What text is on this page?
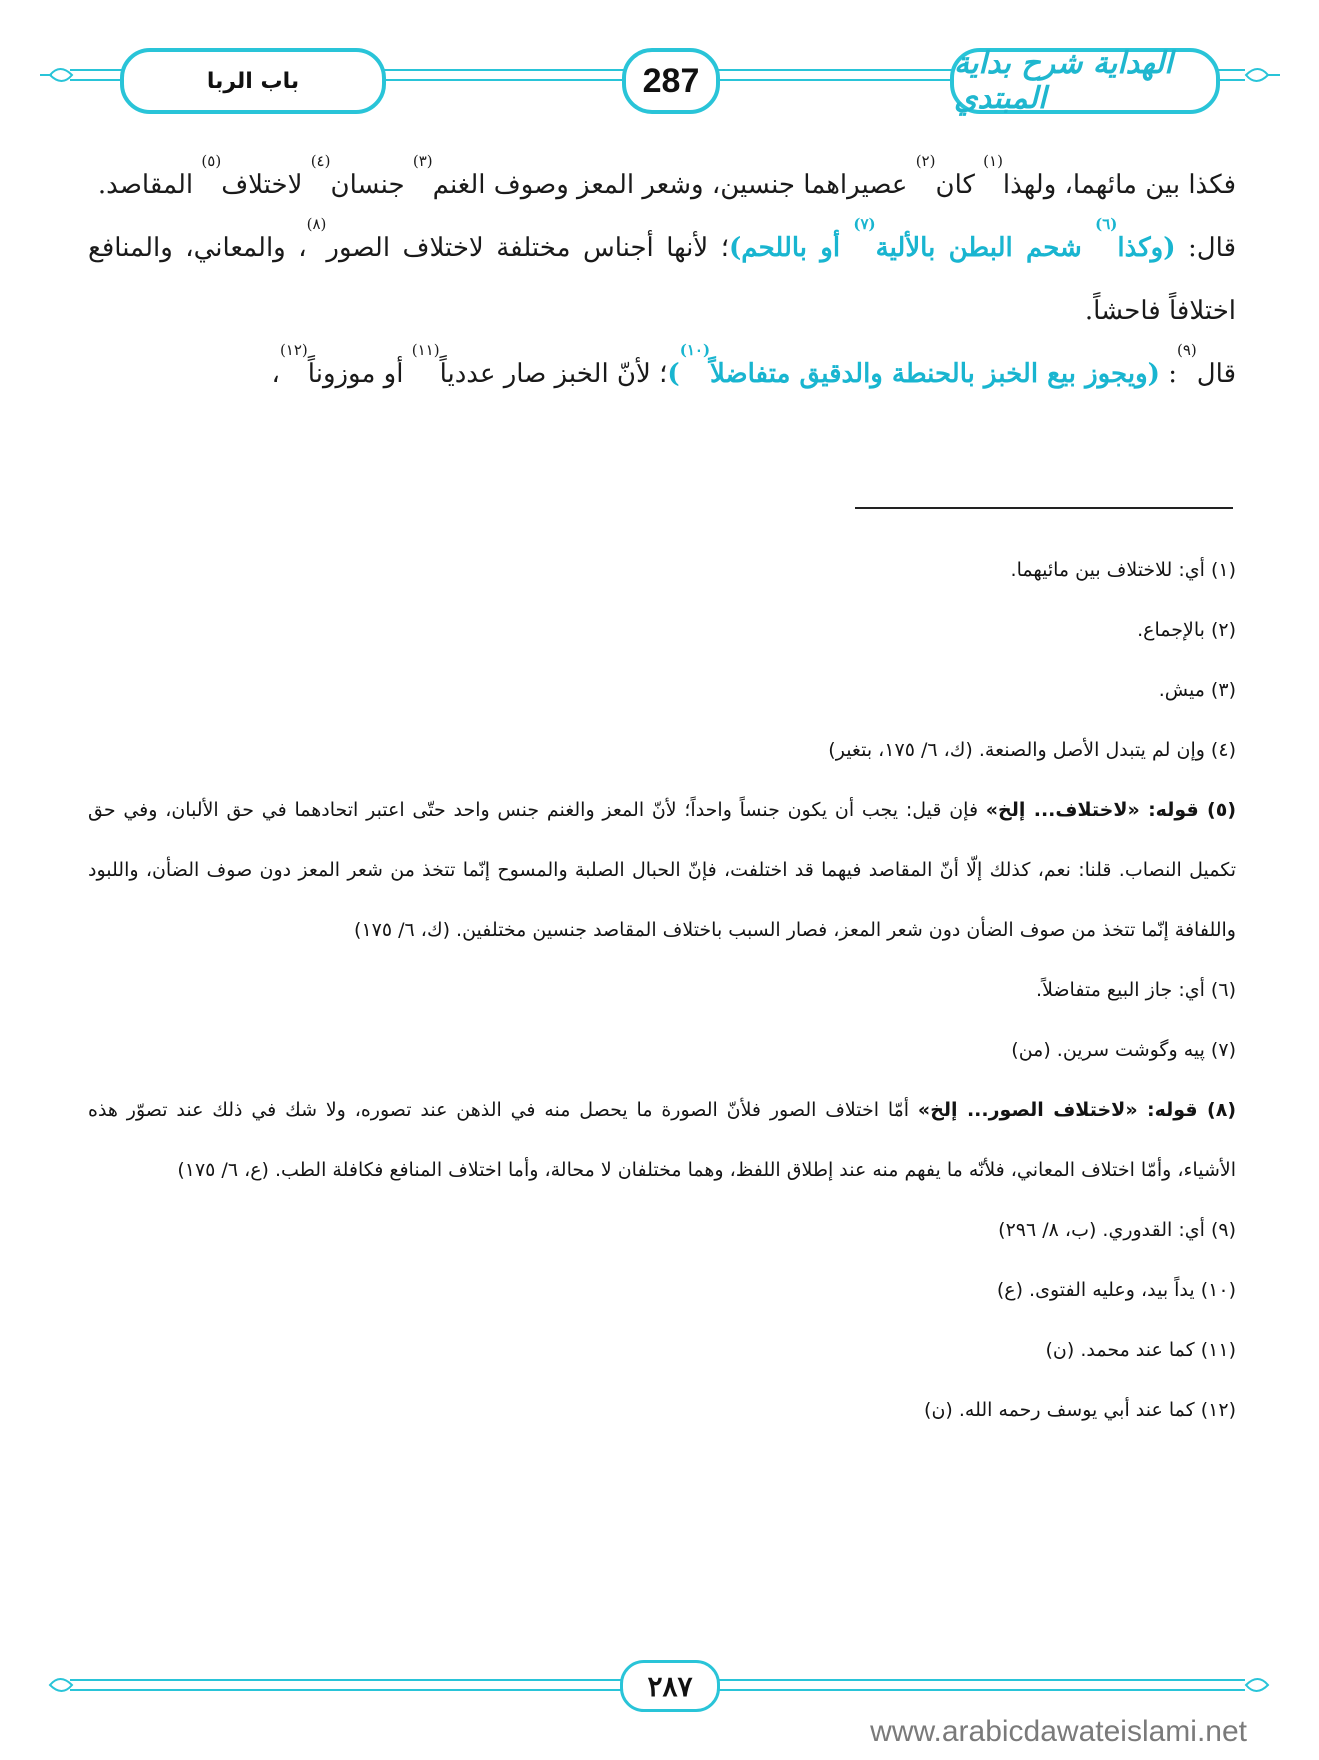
باب الربا	287	الهداية شرح بداية المبتدي

فكذا بين مائهما، ولهذا$^{(١)}$ كان$^{(٢)}$ عصيراهما جنسين، وشعر المعز وصوف الغنم$^{(٣)}$ جنسان$^{(٤)}$ لاختلاف$^{(٥)}$ المقاصد.

قال: (وكذا$^{(٦)}$ شحم البطن بالألية$^{(٧)}$ أو باللحم)؛ لأنها أجناس مختلفة لاختلاف الصور$^{(٨)}$، والمعاني، والمنافع اختلافاً فاحشاً.

قال$^{(٩)}$: (ويجوز بيع الخبز بالحنطة والدقيق متفاضلاً$^{(١٠)}$)؛ لأنّ الخبز صار عددياً$^{(١١)}$ أو موزوناً$^{(١٢)}$،

(١) أي: للاختلاف بين مائيهما.

(٢) بالإجماع.

(٣) ميش.

(٤) وإن لم يتبدل الأصل والصنعة. (ك، ٦/ ١٧٥، بتغير)

(٥) قوله: «لاختلاف... إلخ» فإن قيل: يجب أن يكون جنساً واحداً؛ لأنّ المعز والغنم جنس واحد حتّى اعتبر اتحادهما في حق الألبان، وفي حق تكميل النصاب. قلنا: نعم، كذلك إلّا أنّ المقاصد فيهما قد اختلفت، فإنّ الحبال الصلبة والمسوح إنّما تتخذ من شعر المعز دون صوف الضأن، واللبود واللفافة إنّما تتخذ من صوف الضأن دون شعر المعز، فصار السبب باختلاف المقاصد جنسين مختلفين. (ك، ٦/ ١٧٥)

(٦) أي: جاز البيع متفاضلاً.

(٧) پيه وگوشت سرين. (من)

(٨) قوله: «لاختلاف الصور... إلخ» أمّا اختلاف الصور فلأنّ الصورة ما يحصل منه في الذهن عند تصوره، ولا شك في ذلك عند تصوّر هذه الأشياء، وأمّا اختلاف المعاني، فلأنّه ما يفهم منه عند إطلاق اللفظ، وهما مختلفان لا محالة، وأما اختلاف المنافع فكافلة الطب. (ع، ٦/ ١٧٥)

(٩) أي: القدوري. (ب، ٨/ ٢٩٦)

(١٠) يداً بيد، وعليه الفتوى. (ع)

(١١) كما عند محمد. (ن)

(١٢) كما عند أبي يوسف رحمه الله. (ن)

٢٨٧
www.arabicdawateislami.net
